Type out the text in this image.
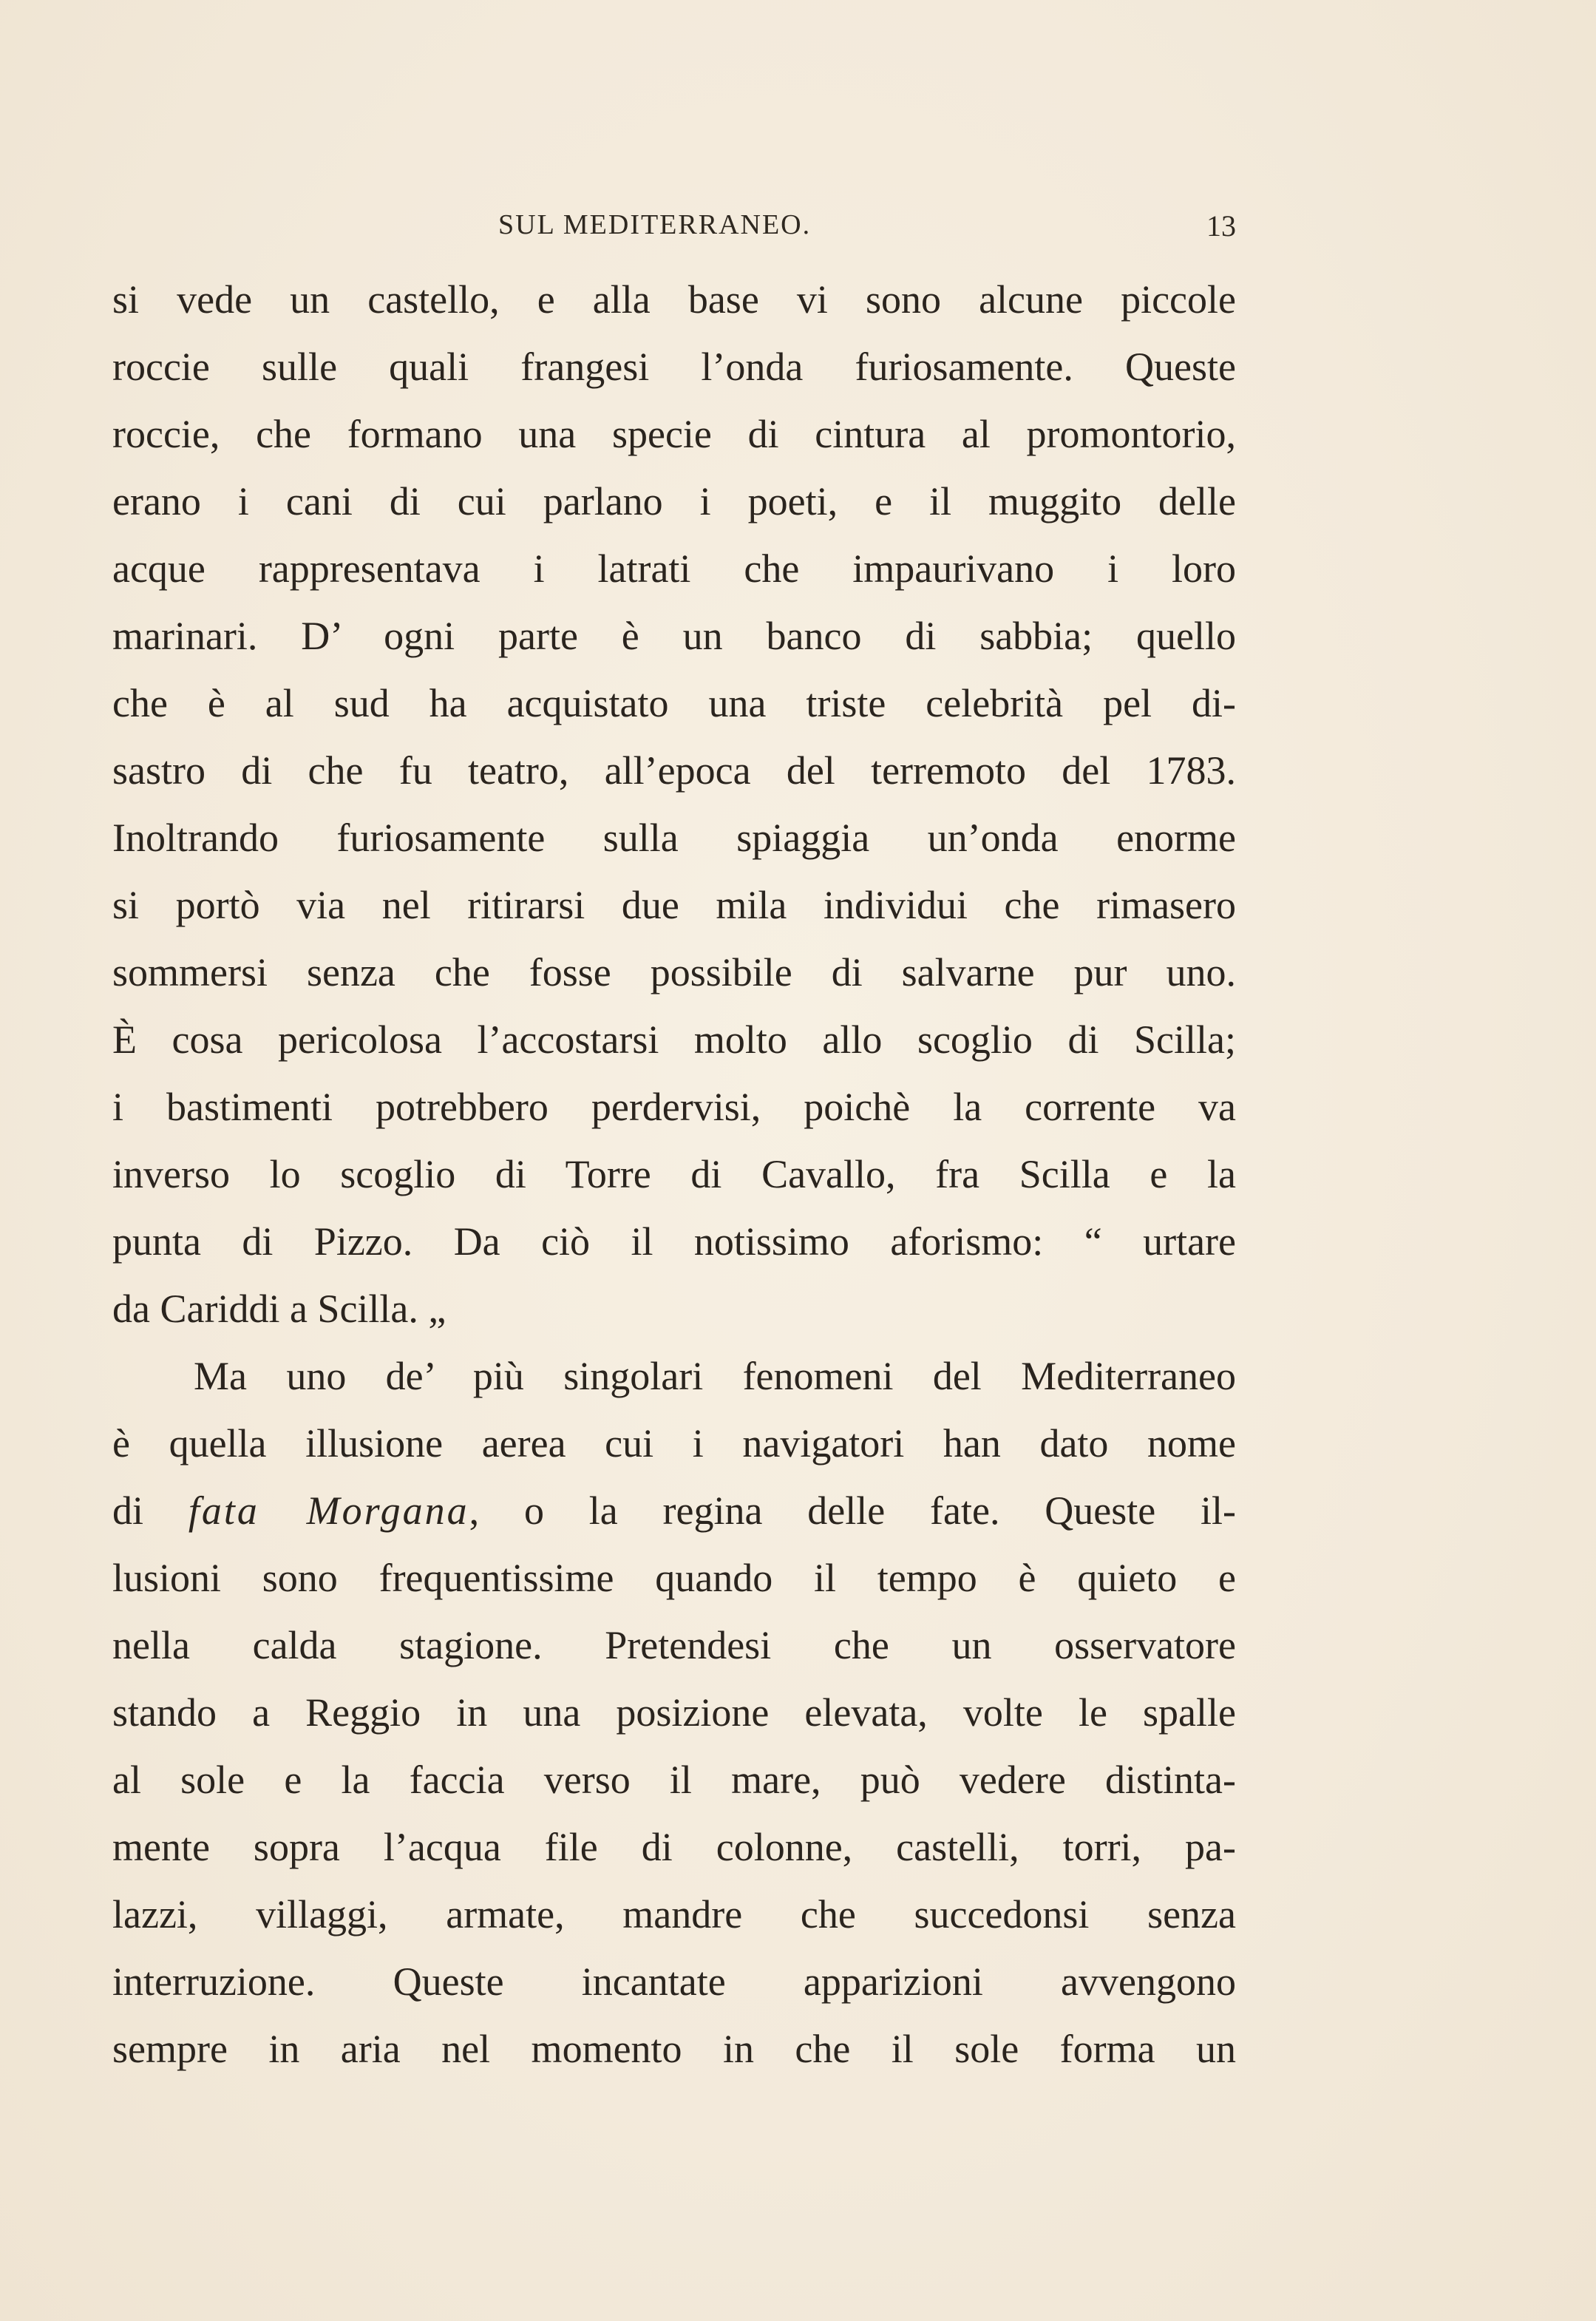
SUL MEDITERRANEO.	13
si vede un castello, e alla base vi sono alcune piccole
roccie sulle quali frangesi l’onda furiosamente. Queste
roccie, che formano una specie di cintura al promontorio,
erano i cani di cui parlano i poeti, e il muggito delle
acque rappresentava i latrati che impaurivano i loro
marinari. D’ ogni parte è un banco di sabbia; quello
che è al sud ha acquistato una triste celebrità pel di-
sastro di che fu teatro, all’epoca del terremoto del 1783.
Inoltrando furiosamente sulla spiaggia un’onda enorme
si portò via nel ritirarsi due mila individui che rimasero
sommersi senza che fosse possibile di salvarne pur uno.
È cosa pericolosa l’accostarsi molto allo scoglio di Scilla;
i bastimenti potrebbero perdervisi, poichè la corrente va
inverso lo scoglio di Torre di Cavallo, fra Scilla e la
punta di Pizzo. Da ciò il notissimo aforismo: “ urtare
da Cariddi a Scilla. „
Ma uno de’ più singolari fenomeni del Mediterraneo
è quella illusione aerea cui i navigatori han dato nome
di fata Morgana, o la regina delle fate. Queste il-
lusioni sono frequentissime quando il tempo è quieto e
nella calda stagione. Pretendesi che un osservatore
stando a Reggio in una posizione elevata, volte le spalle
al sole e la faccia verso il mare, può vedere distinta-
mente sopra l’acqua file di colonne, castelli, torri, pa-
lazzi, villaggi, armate, mandre che succedonsi senza
interruzione. Queste incantate apparizioni avvengono
sempre in aria nel momento in che il sole forma un
